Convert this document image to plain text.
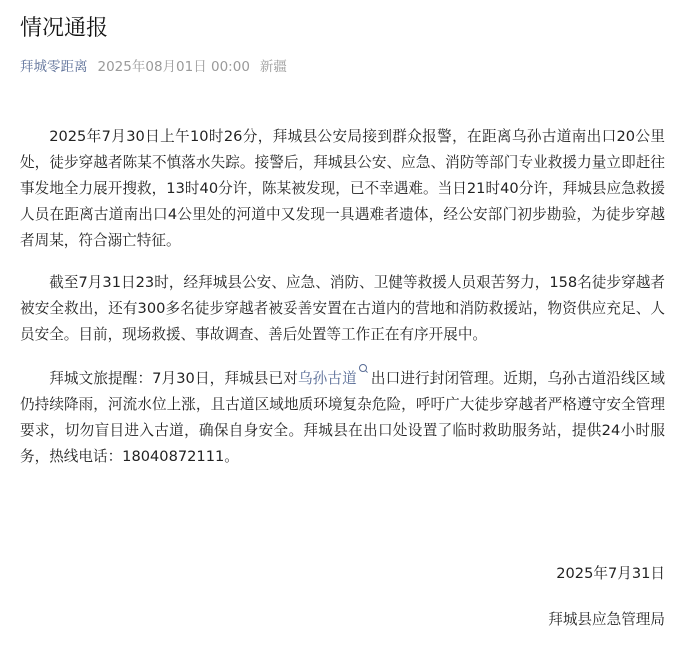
情况通报
拜城零距离 2025年08月01日 00:00 新疆

2025年7月30日上午10时26分，拜城县公安局接到群众报警，在距离乌孙古道南出口20公里处，徒步穿越者陈某不慎落水失踪。接警后，拜城县公安、应急、消防等部门专业救援力量立即赶往事发地全力展开搜救，13时40分许，陈某被发现，已不幸遇难。当日21时40分许，拜城县应急救援人员在距离古道南出口4公里处的河道中又发现一具遇难者遗体，经公安部门初步勘验，为徒步穿越者周某，符合溺亡特征。

截至7月31日23时，经拜城县公安、应急、消防、卫健等救援人员艰苦努力，158名徒步穿越者被安全救出，还有300多名徒步穿越者被妥善安置在古道内的营地和消防救援站，物资供应充足、人员安全。目前，现场救援、事故调查、善后处置等工作正在有序开展中。

拜城文旅提醒：7月30日，拜城县已对乌孙古道 出口进行封闭管理。近期，乌孙古道沿线区域仍持续降雨，河流水位上涨，且古道区域地质环境复杂危险，呼吁广大徒步穿越者严格遵守安全管理要求，切勿盲目进入古道，确保自身安全。拜城县在出口处设置了临时救助服务站，提供24小时服务，热线电话：18040872111。

2025年7月31日
拜城县应急管理局
